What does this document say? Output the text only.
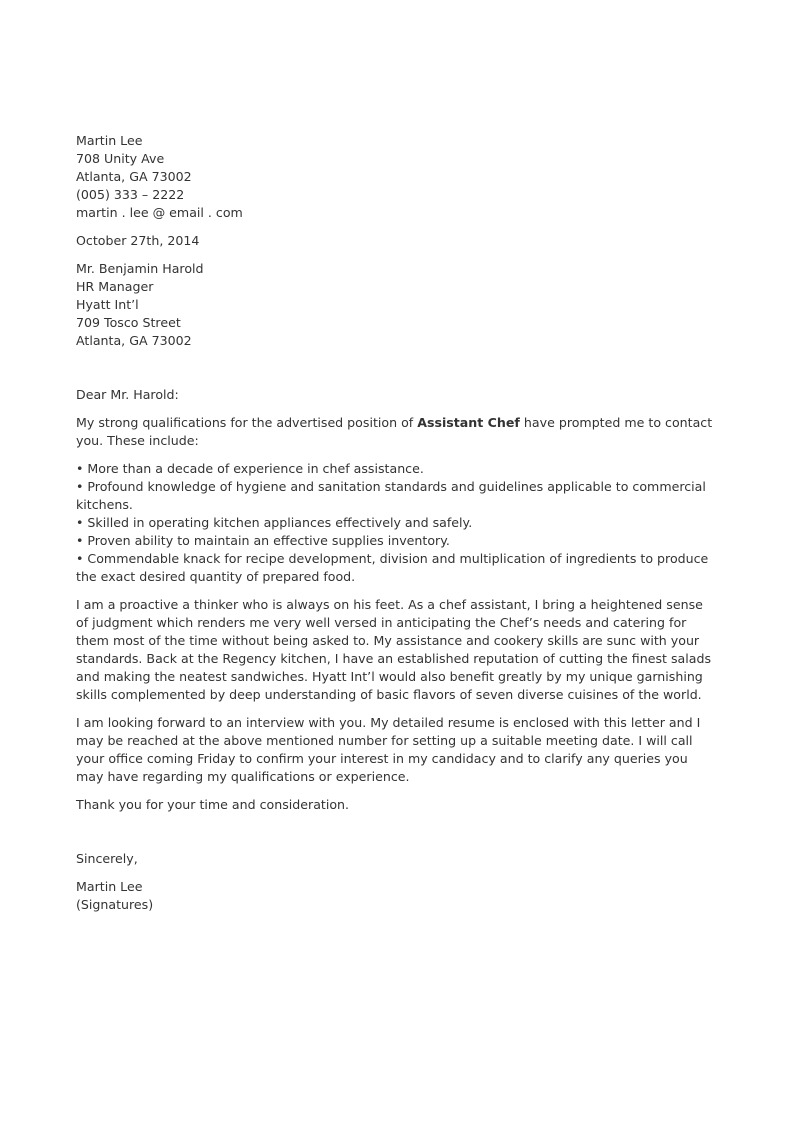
Martin Lee
708 Unity Ave
Atlanta, GA 73002
(005) 333 – 2222
martin . lee @ email . com
October 27th, 2014
Mr. Benjamin Harold
HR Manager
Hyatt Int’l
709 Tosco Street
Atlanta, GA 73002
Dear Mr. Harold:
My strong qualifications for the advertised position of Assistant Chef have prompted me to contact
you. These include:
• More than a decade of experience in chef assistance.
• Profound knowledge of hygiene and sanitation standards and guidelines applicable to commercial
kitchens.
• Skilled in operating kitchen appliances effectively and safely.
• Proven ability to maintain an effective supplies inventory.
• Commendable knack for recipe development, division and multiplication of ingredients to produce
the exact desired quantity of prepared food.
I am a proactive a thinker who is always on his feet. As a chef assistant, I bring a heightened sense
of judgment which renders me very well versed in anticipating the Chef’s needs and catering for
them most of the time without being asked to. My assistance and cookery skills are sunc with your
standards. Back at the Regency kitchen, I have an established reputation of cutting the finest salads
and making the neatest sandwiches. Hyatt Int’l would also benefit greatly by my unique garnishing
skills complemented by deep understanding of basic flavors of seven diverse cuisines of the world.
I am looking forward to an interview with you. My detailed resume is enclosed with this letter and I
may be reached at the above mentioned number for setting up a suitable meeting date. I will call
your office coming Friday to confirm your interest in my candidacy and to clarify any queries you
may have regarding my qualifications or experience.
Thank you for your time and consideration.
Sincerely,
Martin Lee
(Signatures)
